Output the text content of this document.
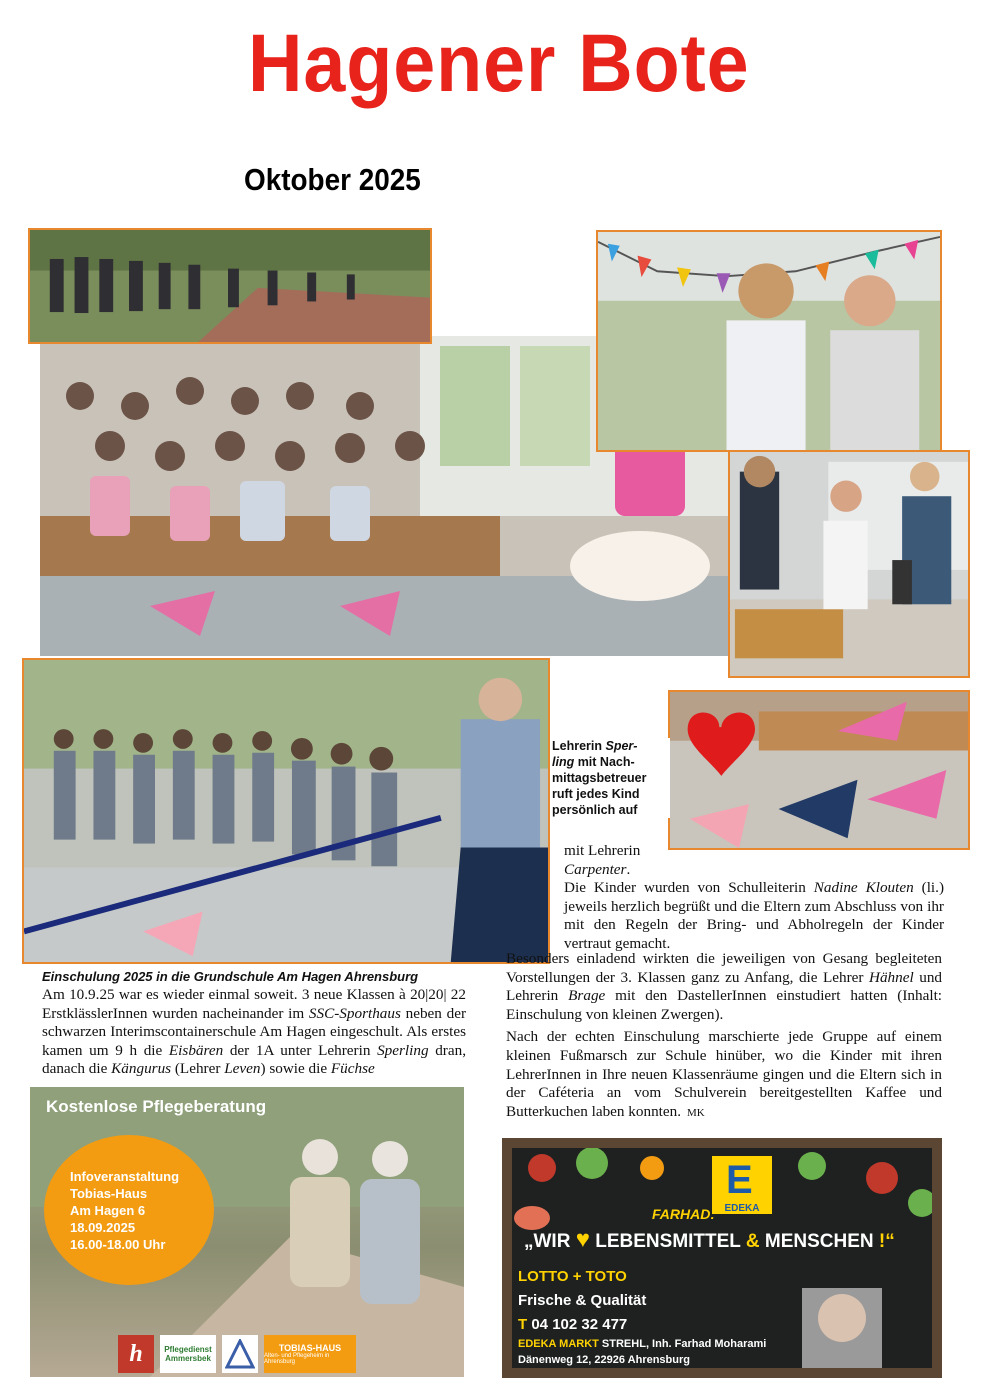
Hagener Bote
Oktober 2025
Lehrerin Sper-
ling mit Nach-
mittagsbetreuer
ruft jedes Kind
persönlich auf
mit Lehrerin
Carpenter.
Die Kinder wurden von Schulleiterin Nadine Klouten (li.) jeweils herzlich begrüßt und die Eltern zum Abschluss von ihr mit den Regeln der Bring- und Abholregeln der Kinder vertraut gemacht.
Besonders einladend wirkten die jeweiligen von Gesang begleiteten Vorstellungen der 3. Klassen ganz zu Anfang, die Lehrer Hähnel und Lehrerin Brage mit den DastellerInnen einstudiert hatten (Inhalt: Einschulung von kleinen Zwergen).
Nach der echten Einschulung marschierte jede Gruppe auf einem kleinen Fußmarsch zur Schule hinüber, wo die Kinder mit ihren LehrerInnen in Ihre neuen Klassenräume gingen und die Eltern sich in der Caféteria an vom Schulverein bereitgestellten Kaffee und Butterkuchen laben konnten. MK
Einschulung 2025 in die Grundschule Am Hagen Ahrensburg
Am 10.9.25 war es wieder einmal soweit. 3 neue Klassen à 20|20| 22 ErstklässlerInnen wurden nacheinander im SSC-Sporthaus neben der schwarzen Interimscontainerschule Am Hagen eingeschult. Als erstes kamen um 9 h die Eisbären der 1A unter Lehrerin Sperling dran, danach die Kängurus (Lehrer Leven) sowie die Füchse
Kostenlose Pflegeberatung
Infoveranstaltung
Tobias-Haus
Am Hagen 6
18.09.2025
16.00-18.00 Uhr
h	Pflegedienst Ammersbek
TOBIAS-HAUS
Alten- und Pflegeheim in Ahrensburg
E
EDEKA
FARHAD:
„WIR ♥ LEBENSMITTEL & MENSCHEN !“
LOTTO + TOTO
Frische & Qualität
T 04 102 32 477
EDEKA MARKT STREHL, Inh. Farhad Moharami
Dänenweg 12, 22926 Ahrensburg
